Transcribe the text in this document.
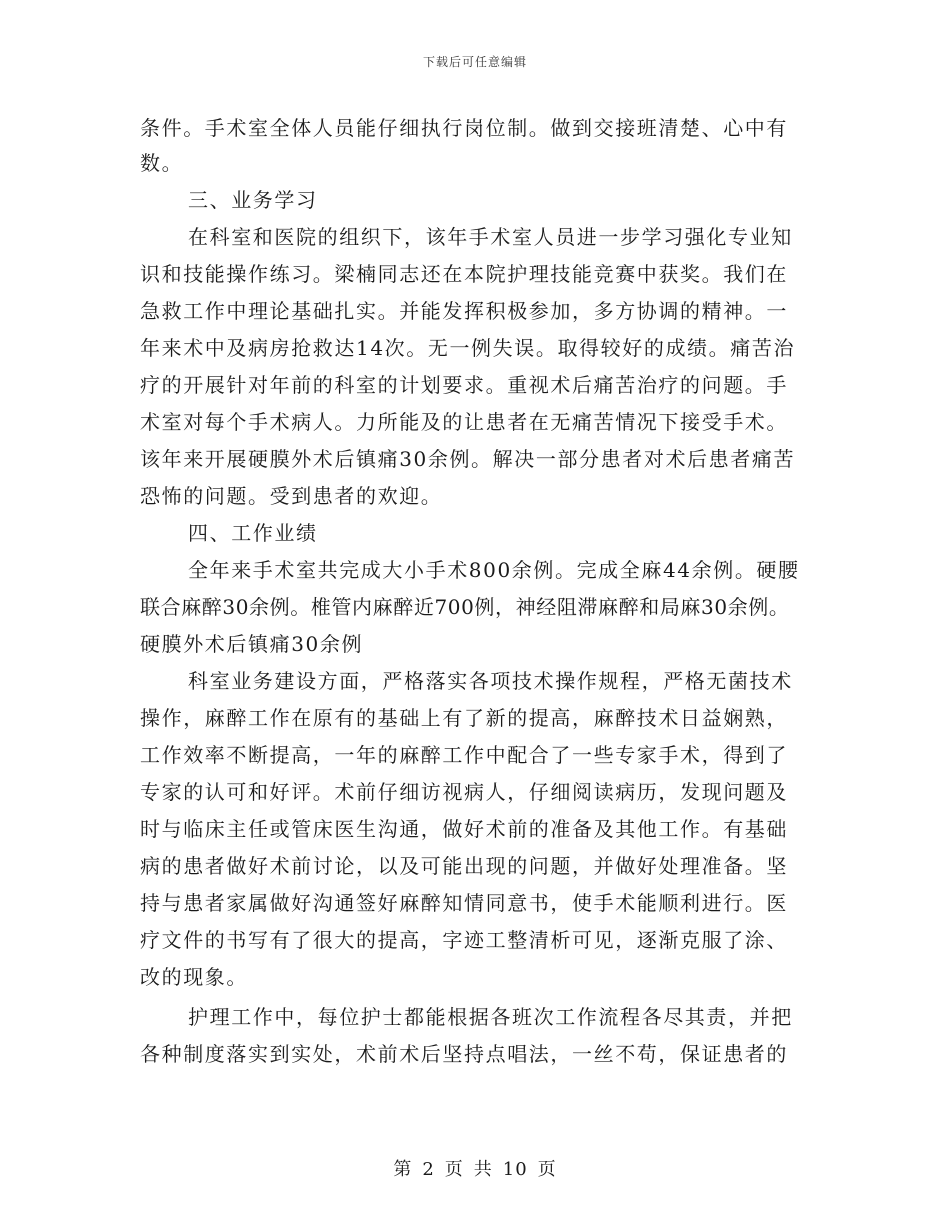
下载后可任意编辑
条件。手术室全体人员能仔细执行岗位制。做到交接班清楚、心中有
数。
三、业务学习
在科室和医院的组织下，该年手术室人员进一步学习强化专业知
识和技能操作练习。梁楠同志还在本院护理技能竞赛中获奖。我们在
急救工作中理论基础扎实。并能发挥积极参加，多方协调的精神。一
年来术中及病房抢救达14次。无一例失误。取得较好的成绩。痛苦治
疗的开展针对年前的科室的计划要求。重视术后痛苦治疗的问题。手
术室对每个手术病人。力所能及的让患者在无痛苦情况下接受手术。
该年来开展硬膜外术后镇痛30余例。解决一部分患者对术后患者痛苦
恐怖的问题。受到患者的欢迎。
四、工作业绩
全年来手术室共完成大小手术800余例。完成全麻44余例。硬腰
联合麻醉30余例。椎管内麻醉近700例，神经阻滞麻醉和局麻30余例。
硬膜外术后镇痛30余例
科室业务建设方面，严格落实各项技术操作规程，严格无菌技术
操作，麻醉工作在原有的基础上有了新的提高，麻醉技术日益娴熟，
工作效率不断提高，一年的麻醉工作中配合了一些专家手术，得到了
专家的认可和好评。术前仔细访视病人，仔细阅读病历，发现问题及
时与临床主任或管床医生沟通，做好术前的准备及其他工作。有基础
病的患者做好术前讨论，以及可能出现的问题，并做好处理准备。坚
持与患者家属做好沟通签好麻醉知情同意书，使手术能顺利进行。医
疗文件的书写有了很大的提高，字迹工整清析可见，逐渐克服了涂、
改的现象。
护理工作中，每位护士都能根据各班次工作流程各尽其责，并把
各种制度落实到实处，术前术后坚持点唱法，一丝不苟，保证患者的
第 2 页 共 10 页
